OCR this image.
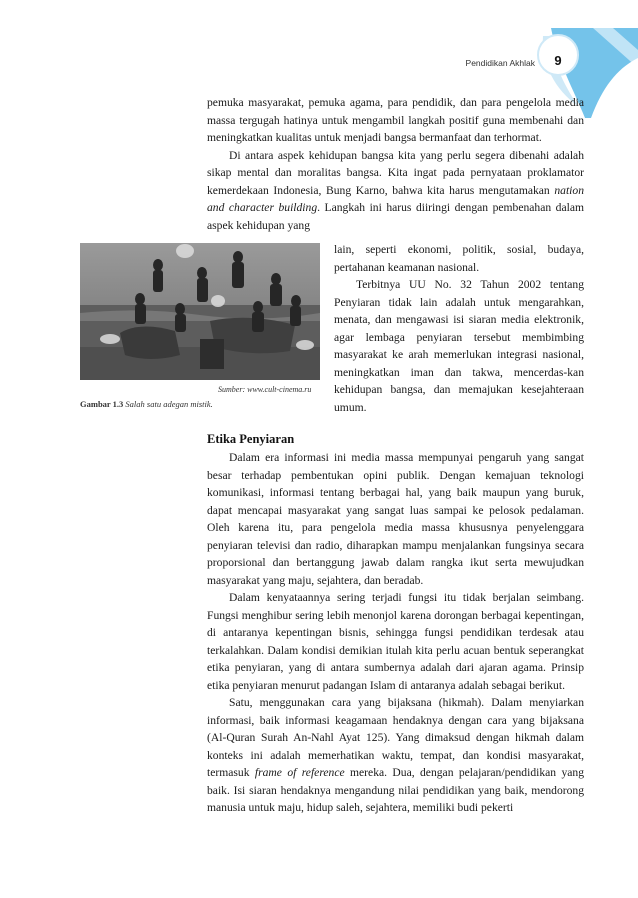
Pendidikan Akhlak	9

pemuka masyarakat, pemuka agama, para pendidik, dan para pengelola media massa tergugah hatinya untuk mengambil langkah positif guna membenahi dan meningkatkan kualitas untuk menjadi bangsa bermanfaat dan terhormat.

Di antara aspek kehidupan bangsa kita yang perlu segera dibenahi adalah sikap mental dan moralitas bangsa. Kita ingat pada pernyataan proklamator kemerdekaan Indonesia, Bung Karno, bahwa kita harus mengutamakan nation and character building. Langkah ini harus diiringi dengan pembenahan dalam aspek kehidupan yang

Sumber: www.cult-cinema.ru
Gambar 1.3 Salah satu adegan mistik.

lain, seperti ekonomi, politik, sosial, budaya, pertahanan keamanan nasional.

Terbitnya UU No. 32 Tahun 2002 tentang Penyiaran tidak lain adalah untuk mengarahkan, menata, dan mengawasi isi siaran media elektronik, agar lembaga penyiaran tersebut membimbing masyarakat ke arah memerlukan integrasi nasional, meningkatkan iman dan takwa, mencerdas-kan kehidupan bangsa, dan memajukan kesejahteraan umum.

Etika Penyiaran

Dalam era informasi ini media massa mempunyai pengaruh yang sangat besar terhadap pembentukan opini publik. Dengan kemajuan teknologi komunikasi, informasi tentang berbagai hal, yang baik maupun yang buruk, dapat mencapai masyarakat yang sangat luas sampai ke pelosok pedalaman. Oleh karena itu, para pengelola media massa khususnya penyelenggara penyiaran televisi dan radio, diharapkan mampu menjalankan fungsinya secara proporsional dan bertanggung jawab dalam rangka ikut serta mewujudkan masyarakat yang maju, sejahtera, dan beradab.

Dalam kenyataannya sering terjadi fungsi itu tidak berjalan seimbang. Fungsi menghibur sering lebih menonjol karena dorongan berbagai kepentingan, di antaranya kepentingan bisnis, sehingga fungsi pendidikan terdesak atau terkalahkan. Dalam kondisi demikian itulah kita perlu acuan bentuk seperangkat etika penyiaran, yang di antara sumbernya adalah dari ajaran agama. Prinsip etika penyiaran menurut padangan Islam di antaranya adalah sebagai berikut.

Satu, menggunakan cara yang bijaksana (hikmah). Dalam menyiarkan informasi, baik informasi keagamaan hendaknya dengan cara yang bijaksana (Al-Quran Surah An-Nahl Ayat 125). Yang dimaksud dengan hikmah dalam konteks ini adalah memerhatikan waktu, tempat, dan kondisi masyarakat, termasuk frame of reference mereka. Dua, dengan pelajaran/pendidikan yang baik. Isi siaran hendaknya mengandung nilai pendidikan yang baik, mendorong manusia untuk maju, hidup saleh, sejahtera, memiliki budi pekerti
